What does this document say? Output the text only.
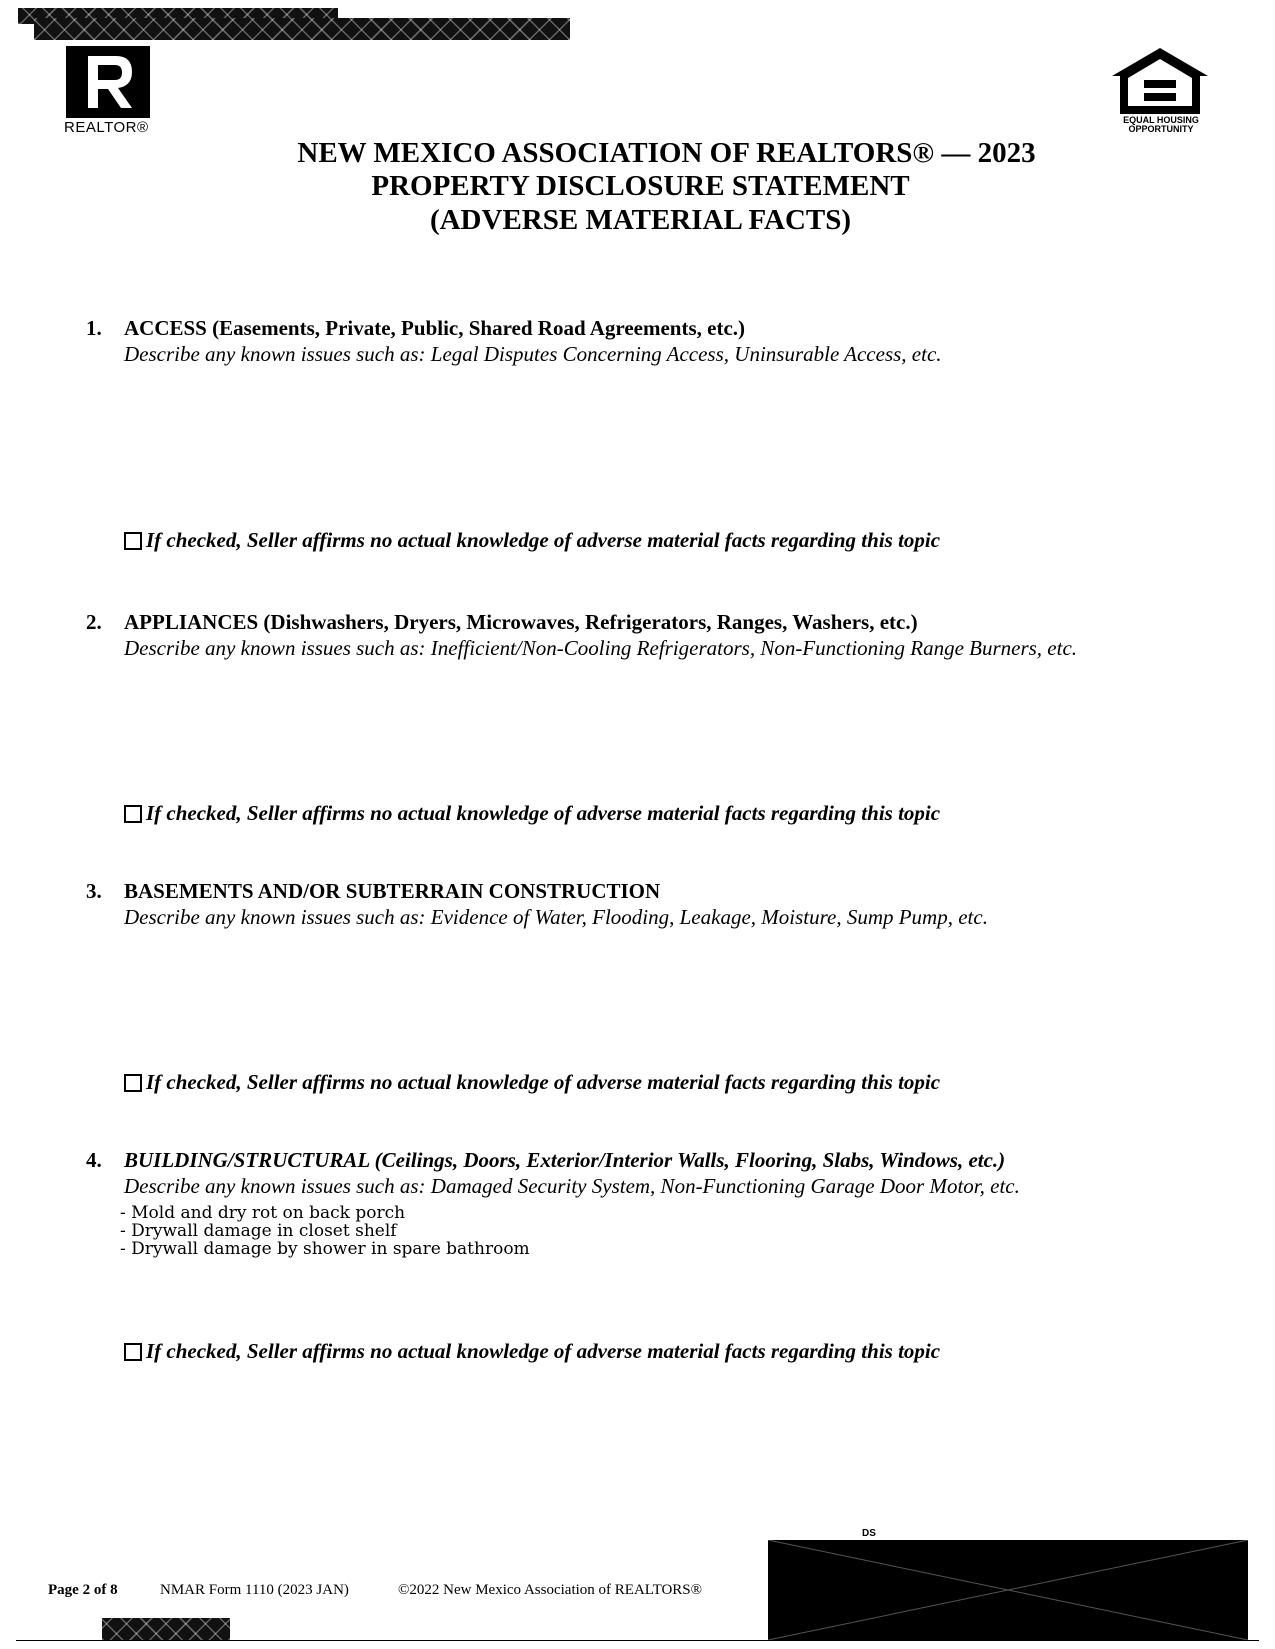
REALTOR®	EQUAL HOUSING OPPORTUNITY
NEW MEXICO ASSOCIATION OF REALTORS® — 2023
PROPERTY DISCLOSURE STATEMENT
(ADVERSE MATERIAL FACTS)
1. ACCESS (Easements, Private, Public, Shared Road Agreements, etc.)
Describe any known issues such as: Legal Disputes Concerning Access, Uninsurable Access, etc.
If checked, Seller affirms no actual knowledge of adverse material facts regarding this topic
2. APPLIANCES (Dishwashers, Dryers, Microwaves, Refrigerators, Ranges, Washers, etc.)
Describe any known issues such as: Inefficient/Non-Cooling Refrigerators, Non-Functioning Range Burners, etc.
If checked, Seller affirms no actual knowledge of adverse material facts regarding this topic
3. BASEMENTS AND/OR SUBTERRAIN CONSTRUCTION
Describe any known issues such as: Evidence of Water, Flooding, Leakage, Moisture, Sump Pump, etc.
If checked, Seller affirms no actual knowledge of adverse material facts regarding this topic
4. BUILDING/STRUCTURAL (Ceilings, Doors, Exterior/Interior Walls, Flooring, Slabs, Windows, etc.)
Describe any known issues such as: Damaged Security System, Non-Functioning Garage Door Motor, etc.
- Mold and dry rot on back porch
- Drywall damage in closet shelf
- Drywall damage by shower in spare bathroom
If checked, Seller affirms no actual knowledge of adverse material facts regarding this topic
Page 2 of 8	NMAR Form 1110 (2023 JAN)	©2022 New Mexico Association of REALTORS®
DS
